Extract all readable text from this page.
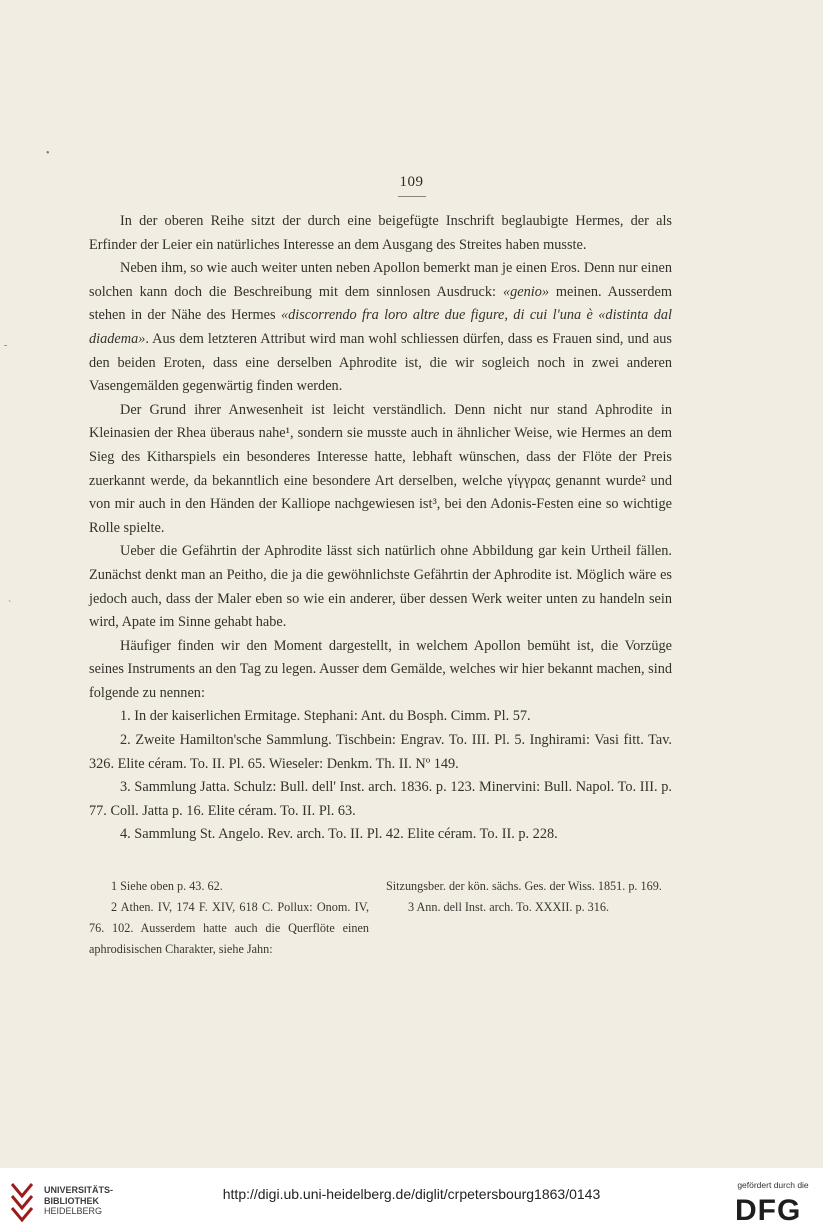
•
-
`
109

In der oberen Reihe sitzt der durch eine beigefügte Inschrift beglaubigte Hermes, der als Erfinder der Leier ein natürliches Interesse an dem Ausgang des Streites haben musste.

Neben ihm, so wie auch weiter unten neben Apollon bemerkt man je einen Eros. Denn nur einen solchen kann doch die Beschreibung mit dem sinnlosen Ausdruck: «genio» meinen. Ausserdem stehen in der Nähe des Hermes «discorrendo fra loro altre due figure, di cui l'una è «distinta dal diadema». Aus dem letzteren Attribut wird man wohl schliessen dürfen, dass es Frauen sind, und aus den beiden Eroten, dass eine derselben Aphrodite ist, die wir sogleich noch in zwei anderen Vasengemälden gegenwärtig finden werden.

Der Grund ihrer Anwesenheit ist leicht verständlich. Denn nicht nur stand Aphrodite in Kleinasien der Rhea überaus nahe¹, sondern sie musste auch in ähnlicher Weise, wie Hermes an dem Sieg des Kitharspiels ein besonderes Interesse hatte, lebhaft wünschen, dass der Flöte der Preis zuerkannt werde, da bekanntlich eine besondere Art derselben, welche γίγγρας genannt wurde² und von mir auch in den Händen der Kalliope nachgewiesen ist³, bei den Adonis-Festen eine so wichtige Rolle spielte.

Ueber die Gefährtin der Aphrodite lässt sich natürlich ohne Abbildung gar kein Urtheil fällen. Zunächst denkt man an Peitho, die ja die gewöhnlichste Gefährtin der Aphrodite ist. Möglich wäre es jedoch auch, dass der Maler eben so wie ein anderer, über dessen Werk weiter unten zu handeln sein wird, Apate im Sinne gehabt habe.

Häufiger finden wir den Moment dargestellt, in welchem Apollon bemüht ist, die Vorzüge seines Instruments an den Tag zu legen. Ausser dem Gemälde, welches wir hier bekannt machen, sind folgende zu nennen:

1. In der kaiserlichen Ermitage. Stephani: Ant. du Bosph. Cimm. Pl. 57.

2. Zweite Hamilton'sche Sammlung. Tischbein: Engrav. To. III. Pl. 5. Inghirami: Vasi fitt. Tav. 326. Elite céram. To. II. Pl. 65. Wieseler: Denkm. Th. II. Nº 149.

3. Sammlung Jatta. Schulz: Bull. dell' Inst. arch. 1836. p. 123. Minervini: Bull. Napol. To. III. p. 77. Coll. Jatta p. 16. Elite céram. To. II. Pl. 63.

4. Sammlung St. Angelo. Rev. arch. To. II. Pl. 42. Elite céram. To. II. p. 228.

1 Siehe oben p. 43. 62.

2 Athen. IV, 174 F. XIV, 618 C. Pollux: Onom. IV, 76. 102. Ausserdem hatte auch die Querflöte einen aphrodisischen Charakter, siehe Jahn:

Sitzungsber. der kön. sächs. Ges. der Wiss. 1851. p. 169.

3 Ann. dell Inst. arch. To. XXXII. p. 316.

UNIVERSITÄTS-
BIBLIOTHEK
HEIDELBERG
http://digi.ub.uni-heidelberg.de/diglit/crpetersbourg1863/0143
gefördert durch die
DFG
